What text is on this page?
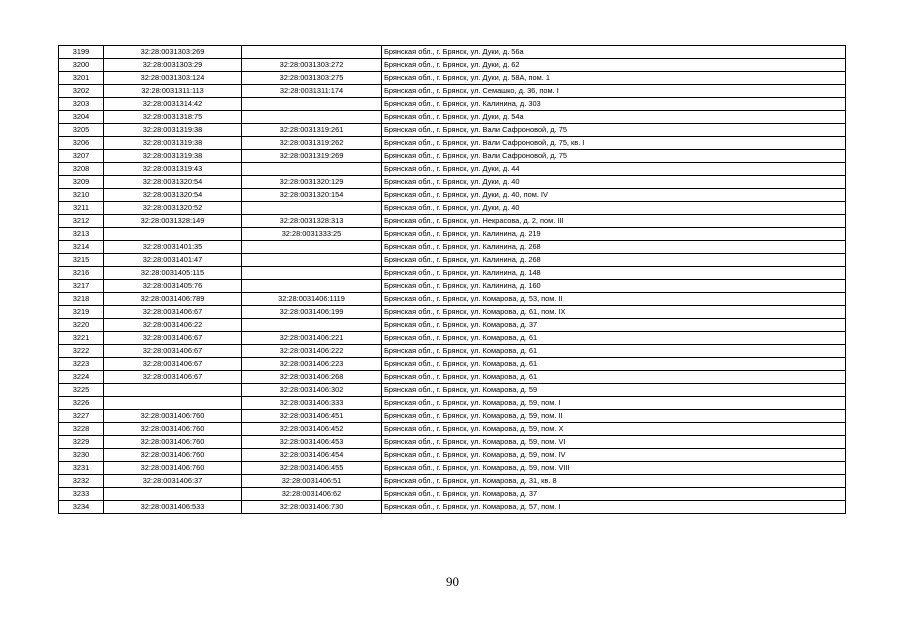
3199	32:28:0031303:269		Брянская обл., г. Брянск, ул. Дуки, д. 56а
3200	32:28:0031303:29	32:28:0031303:272	Брянская обл., г. Брянск, ул. Дуки, д. 62
3201	32:28:0031303:124	32:28:0031303:275	Брянская обл., г. Брянск, ул. Дуки, д. 58А, пом. 1
3202	32:28:0031311:113	32:28:0031311:174	Брянская обл., г. Брянск, ул. Семашко, д. 36, пом. I
3203	32:28:0031314:42		Брянская обл., г. Брянск, ул. Калинина, д. 303
3204	32:28:0031318:75		Брянская обл., г. Брянск, ул. Дуки, д. 54а
3205	32:28:0031319:38	32:28:0031319:261	Брянская обл., г. Брянск, ул. Вали Сафроновой, д. 75
3206	32:28:0031319:38	32:28:0031319:262	Брянская обл., г. Брянск, ул. Вали Сафроновой, д. 75, кв. I
3207	32:28:0031319:38	32:28:0031319:269	Брянская обл., г. Брянск, ул. Вали Сафроновой, д. 75
3208	32:28:0031319:43		Брянская обл., г. Брянск, ул. Дуки, д. 44
3209	32:28:0031320:54	32:28:0031320:129	Брянская обл., г. Брянск, ул. Дуки, д. 40
3210	32:28:0031320:54	32:28:0031320:154	Брянская обл., г. Брянск, ул. Дуки, д. 40, пом. IV
3211	32:28:0031320:52		Брянская обл., г. Брянск, ул. Дуки, д. 40
3212	32:28:0031328:149	32:28:0031328:313	Брянская обл., г. Брянск, ул. Некрасова, д. 2, пом. III
3213		32:28:0031333:25	Брянская обл., г. Брянск, ул. Калинина, д. 219
3214	32:28:0031401:35		Брянская обл., г. Брянск, ул. Калинина, д. 268
3215	32:28:0031401:47		Брянская обл., г. Брянск, ул. Калинина, д. 268
3216	32:28:0031405:115		Брянская обл., г. Брянск, ул. Калинина, д. 148
3217	32:28:0031405:76		Брянская обл., г. Брянск, ул. Калинина, д. 160
3218	32:28:0031406:789	32:28:0031406:1119	Брянская обл., г. Брянск, ул. Комарова, д. 53, пом. II
3219	32:28:0031406:67	32:28:0031406:199	Брянская обл., г. Брянск, ул. Комарова, д. 61, пом. IX
3220	32:28:0031406:22		Брянская обл., г. Брянск, ул. Комарова, д. 37
3221	32:28:0031406:67	32:28:0031406:221	Брянская обл., г. Брянск, ул. Комарова, д. 61
3222	32:28:0031406:67	32:28:0031406:222	Брянская обл., г. Брянск, ул. Комарова, д. 61
3223	32:28:0031406:67	32:28:0031406:223	Брянская обл., г. Брянск, ул. Комарова, д. 61
3224	32:28:0031406:67	32:28:0031406:268	Брянская обл., г. Брянск, ул. Комарова, д. 61
3225		32:28:0031406:302	Брянская обл., г. Брянск, ул. Комарова, д. 59
3226		32:28:0031406:333	Брянская обл., г. Брянск, ул. Комарова, д. 59, пом. I
3227	32:28:0031406:760	32:28:0031406:451	Брянская обл., г. Брянск, ул. Комарова, д. 59, пом. II
3228	32:28:0031406:760	32:28:0031406:452	Брянская обл., г. Брянск, ул. Комарова, д. 59, пом. X
3229	32:28:0031406:760	32:28:0031406:453	Брянская обл., г. Брянск, ул. Комарова, д. 59, пом. VI
3230	32:28:0031406:760	32:28:0031406:454	Брянская обл., г. Брянск, ул. Комарова, д. 59, пом. IV
3231	32:28:0031406:760	32:28:0031406:455	Брянская обл., г. Брянск, ул. Комарова, д. 59, пом. VIII
3232	32:28:0031406:37	32:28:0031406:51	Брянская обл., г. Брянск, ул. Комарова, д. 31, кв. 8
3233		32:28:0031406:62	Брянская обл., г. Брянск, ул. Комарова, д. 37
3234	32:28:0031406:533	32:28:0031406:730	Брянская обл., г. Брянск, ул. Комарова, д. 57, пом. I
90
